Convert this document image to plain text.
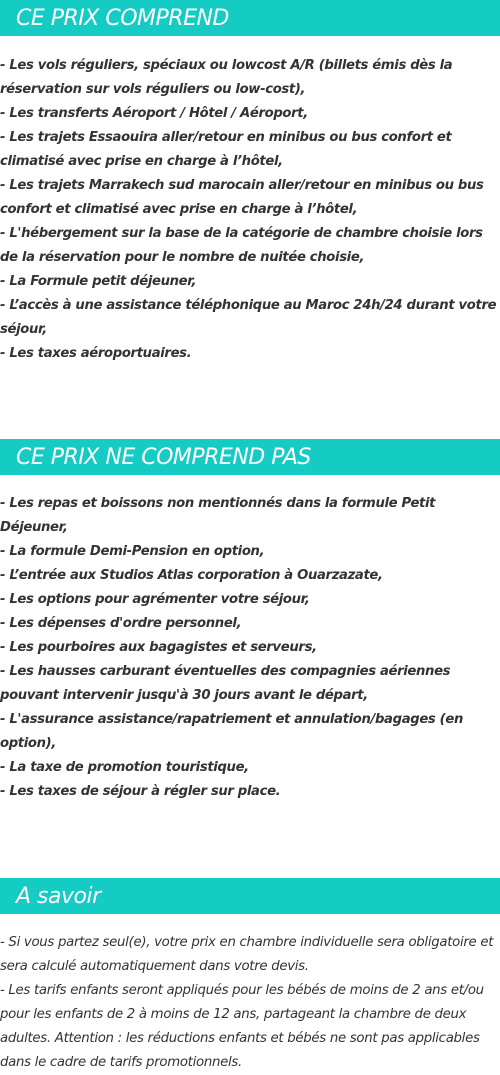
CE PRIX COMPREND
- Les vols réguliers, spéciaux ou lowcost A/R (billets émis dès la réservation sur vols réguliers ou low-cost),
- Les transferts Aéroport / Hôtel / Aéroport,
- Les trajets Essaouira aller/retour en minibus ou bus confort et climatisé avec prise en charge à l’hôtel,
- Les trajets Marrakech sud marocain aller/retour en minibus ou bus confort et climatisé avec prise en charge à l’hôtel,
- L'hébergement sur la base de la catégorie de chambre choisie lors de la réservation pour le nombre de nuitée choisie,
- La Formule petit déjeuner,
- L’accès à une assistance téléphonique au Maroc 24h/24 durant votre séjour,
- Les taxes aéroportuaires.
CE PRIX NE COMPREND PAS
- Les repas et boissons non mentionnés dans la formule Petit Déjeuner,
- La formule Demi-Pension en option,
- L’entrée aux Studios Atlas corporation à Ouarzazate,
- Les options pour agrémenter votre séjour,
- Les dépenses d'ordre personnel,
- Les pourboires aux bagagistes et serveurs,
- Les hausses carburant éventuelles des compagnies aériennes pouvant intervenir jusqu'à 30 jours avant le départ,
- L'assurance assistance/rapatriement et annulation/bagages (en option),
- La taxe de promotion touristique,
- Les taxes de séjour à régler sur place.
A savoir
- Si vous partez seul(e), votre prix en chambre individuelle sera obligatoire et sera calculé automatiquement dans votre devis.
- Les tarifs enfants seront appliqués pour les bébés de moins de 2 ans et/ou pour les enfants de 2 à moins de 12 ans, partageant la chambre de deux adultes. Attention : les réductions enfants et bébés ne sont pas applicables dans le cadre de tarifs promotionnels.
